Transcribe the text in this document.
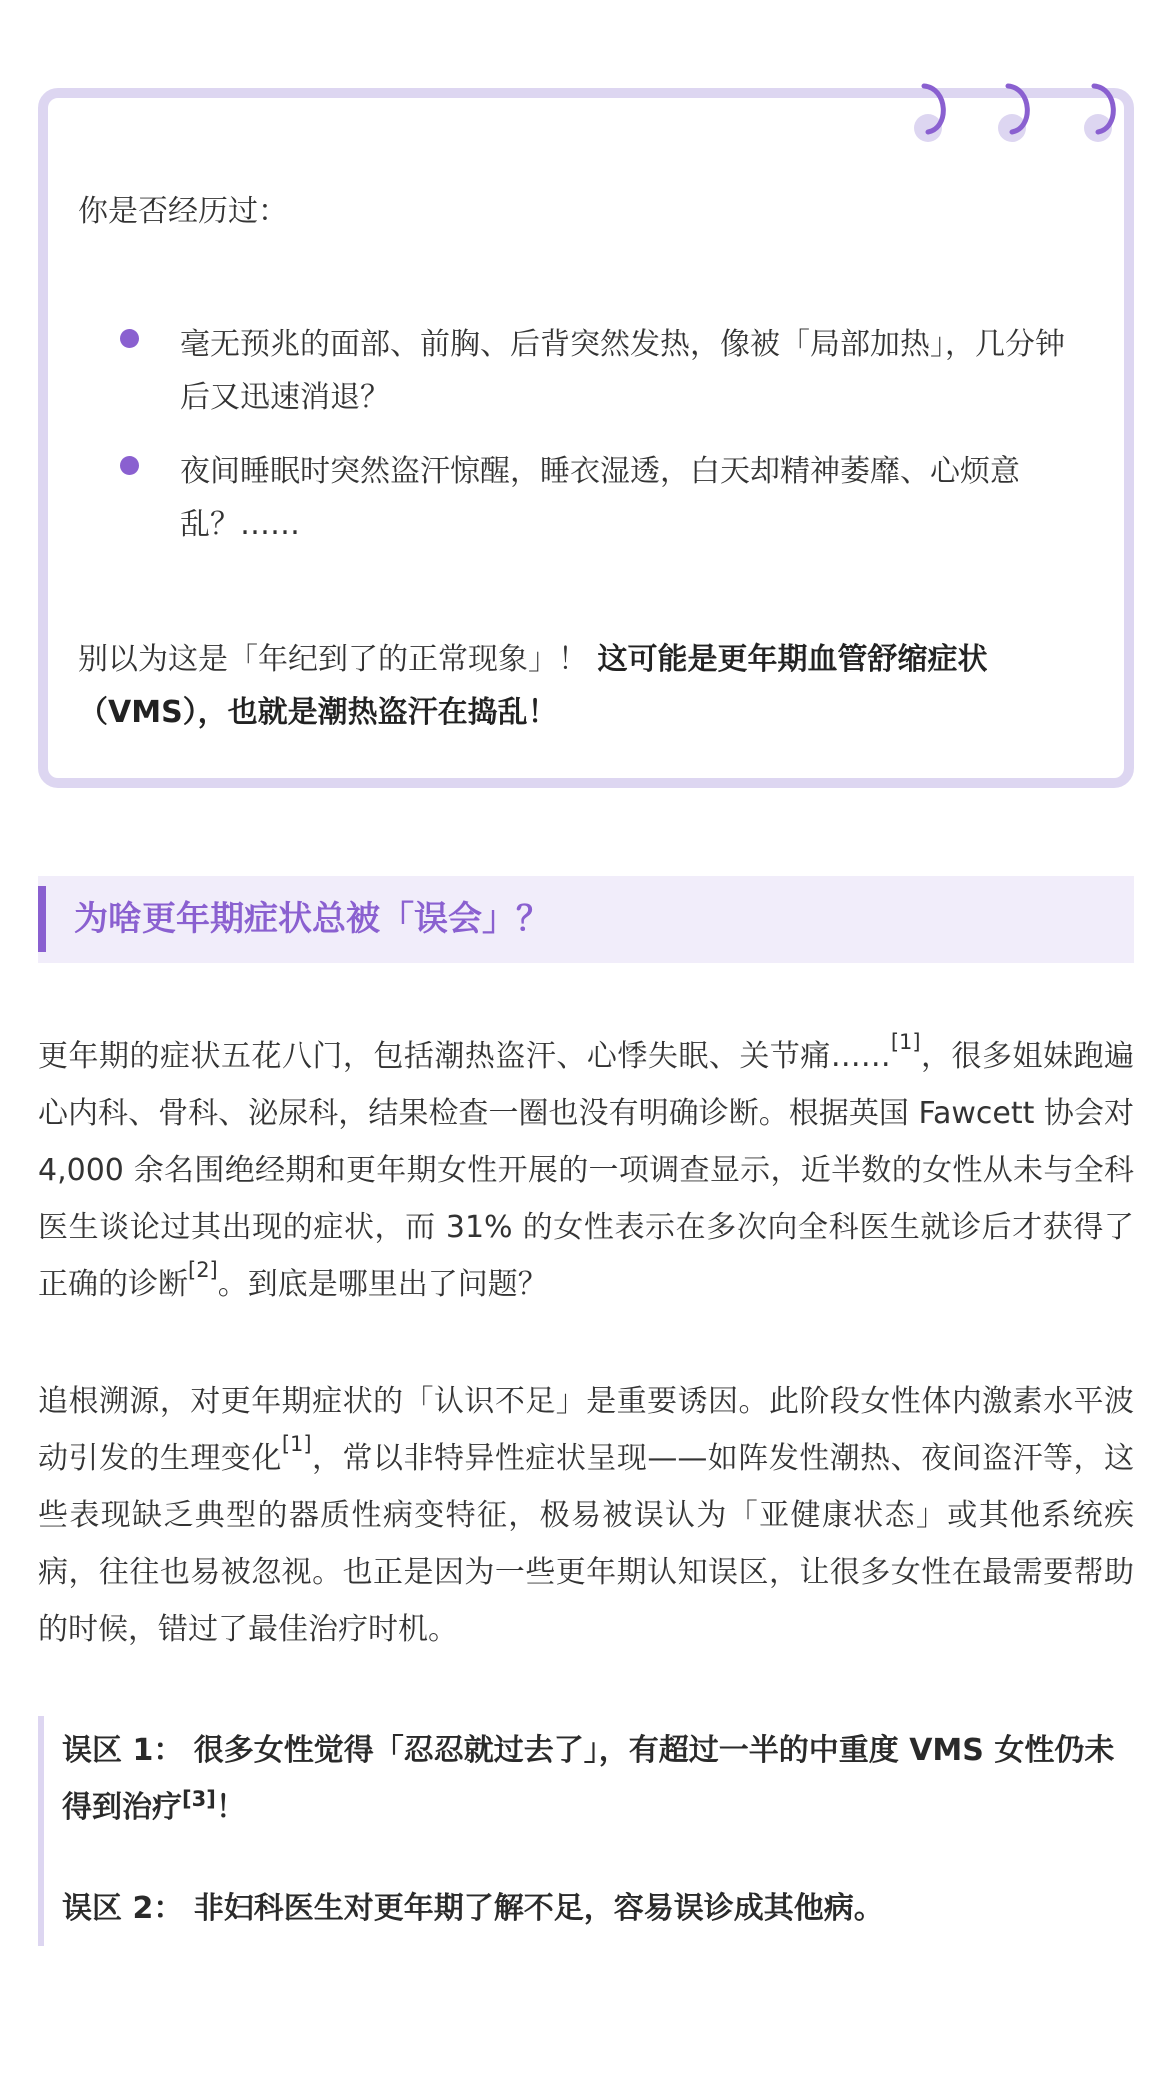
你是否经历过：

毫无预兆的面部、前胸、后背突然发热，像被「局部加热」，几分钟后又迅速消退？
夜间睡眠时突然盗汗惊醒，睡衣湿透，白天却精神萎靡、心烦意乱？……

别以为这是「年纪到了的正常现象」！ 这可能是更年期血管舒缩症状（VMS），也就是潮热盗汗在捣乱！

为啥更年期症状总被「误会」？

更年期的症状五花八门，包括潮热盗汗、心悸失眠、关节痛……[1]，很多姐妹跑遍心内科、骨科、泌尿科，结果检查一圈也没有明确诊断。根据英国 Fawcett 协会对 4,000 余名围绝经期和更年期女性开展的一项调查显示，近半数的女性从未与全科医生谈论过其出现的症状，而 31% 的女性表示在多次向全科医生就诊后才获得了正确的诊断[2]。到底是哪里出了问题？

追根溯源，对更年期症状的「认识不足」是重要诱因。此阶段女性体内激素水平波动引发的生理变化[1]，常以非特异性症状呈现——如阵发性潮热、夜间盗汗等，这些表现缺乏典型的器质性病变特征，极易被误认为「亚健康状态」或其他系统疾病，往往也易被忽视。也正是因为一些更年期认知误区，让很多女性在最需要帮助的时候，错过了最佳治疗时机。

误区 1： 很多女性觉得「忍忍就过去了」，有超过一半的中重度 VMS 女性仍未得到治疗[3]！

误区 2： 非妇科医生对更年期了解不足，容易误诊成其他病。
